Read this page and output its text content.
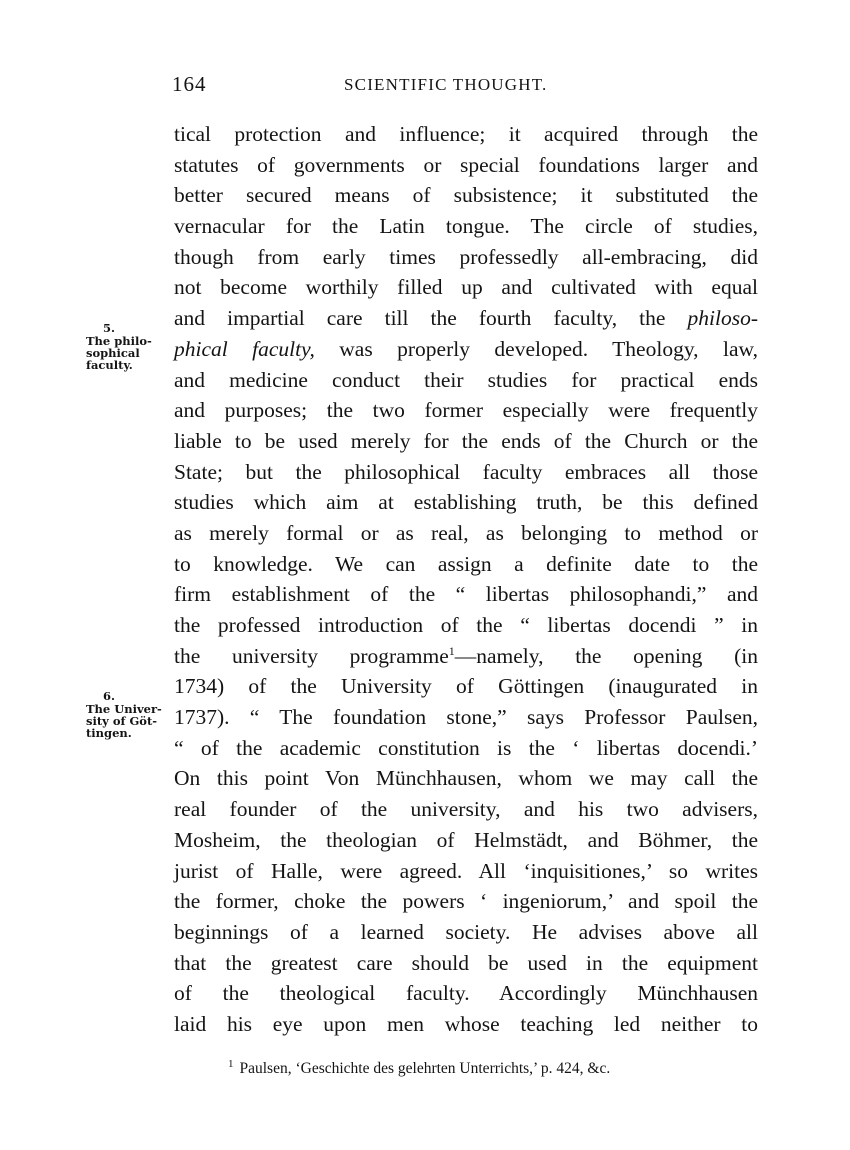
164	SCIENTIFIC THOUGHT.
5.
The philo-
sophical
faculty.
6.
The Univer-
sity of Göt-
tingen.
tical protection and influence; it acquired through the
statutes of governments or special foundations larger and
better secured means of subsistence; it substituted the
vernacular for the Latin tongue. The circle of studies,
though from early times professedly all-embracing, did
not become worthily filled up and cultivated with equal
and impartial care till the fourth faculty, the philoso-
phical faculty, was properly developed. Theology, law,
and medicine conduct their studies for practical ends
and purposes; the two former especially were frequently
liable to be used merely for the ends of the Church or the
State; but the philosophical faculty embraces all those
studies which aim at establishing truth, be this defined
as merely formal or as real, as belonging to method or
to knowledge. We can assign a definite date to the
firm establishment of the “ libertas philosophandi,” and
the professed introduction of the “ libertas docendi ” in
the university programme$^1$—namely, the opening (in
1734) of the University of Göttingen (inaugurated in
1737). “ The foundation stone,” says Professor Paulsen,
“ of the academic constitution is the ‘ libertas docendi.’
On this point Von Münchhausen, whom we may call the
real founder of the university, and his two advisers,
Mosheim, the theologian of Helmstädt, and Böhmer, the
jurist of Halle, were agreed. All ‘inquisitiones,’ so writes
the former, choke the powers ‘ ingeniorum,’ and spoil the
beginnings of a learned society. He advises above all
that the greatest care should be used in the equipment
of the theological faculty. Accordingly Münchhausen
laid his eye upon men whose teaching led neither to
$^1$ Paulsen, ‘Geschichte des gelehrten Unterrichts,’ p. 424, &c.
